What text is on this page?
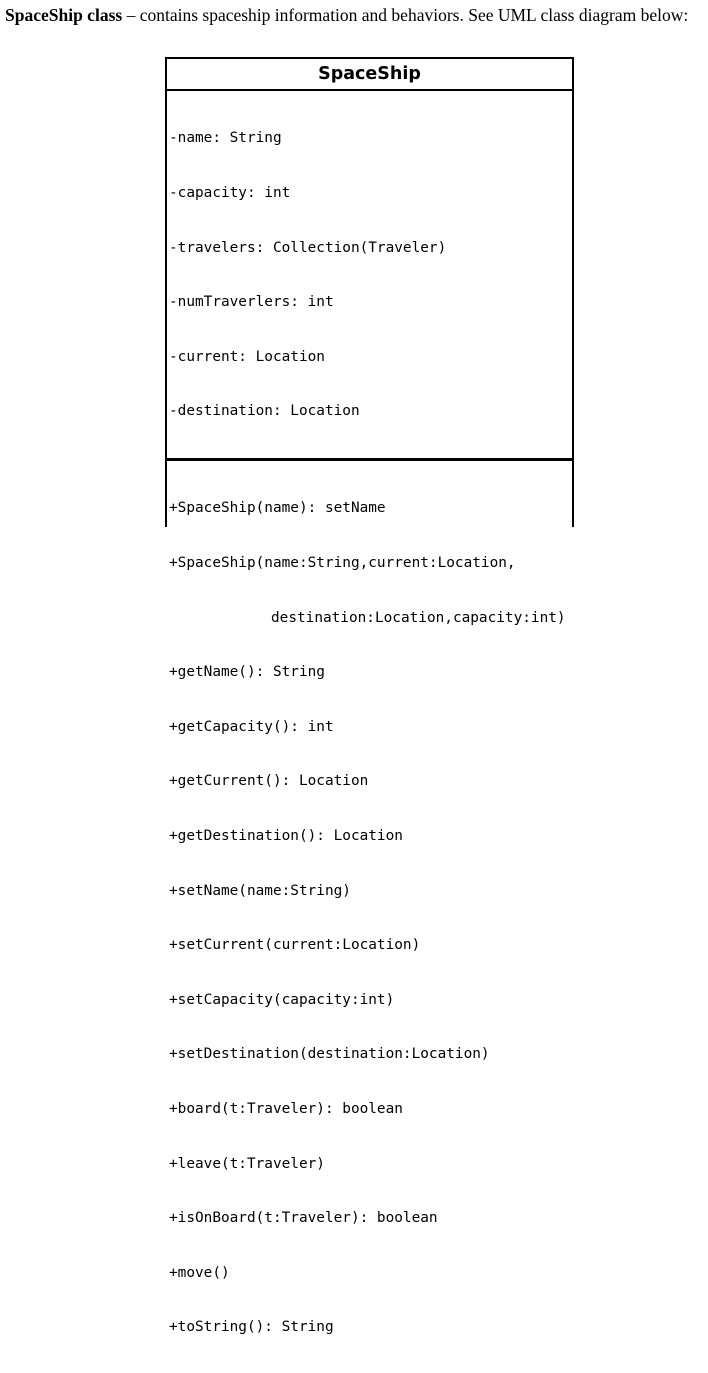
SpaceShip class – contains spaceship information and behaviors. See UML class diagram below:

SpaceShip

-name: String

-capacity: int

-travelers: Collection(Traveler)

-numTraverlers: int

-current: Location

-destination: Location

+SpaceShip(name): setName

+SpaceShip(name:String,current:Location,

destination:Location,capacity:int)

+getName(): String

+getCapacity(): int

+getCurrent(): Location

+getDestination(): Location

+setName(name:String)

+setCurrent(current:Location)

+setCapacity(capacity:int)

+setDestination(destination:Location)

+board(t:Traveler): boolean

+leave(t:Traveler)

+isOnBoard(t:Traveler): boolean

+move()

+toString(): String
